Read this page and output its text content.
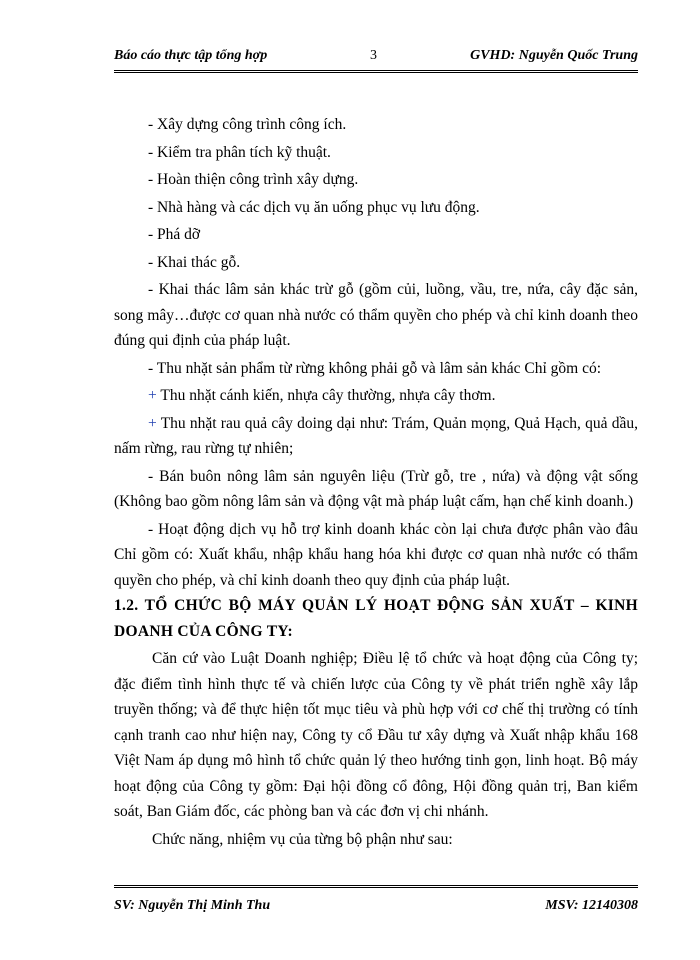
Báo cáo thực tập tổng hợp	3	GVHD: Nguyễn Quốc Trung

- Xây dựng công trình công ích.

- Kiểm tra phân tích kỹ thuật.

- Hoàn thiện công trình xây dựng.

- Nhà hàng và các dịch vụ ăn uống phục vụ lưu động.

- Phá dỡ

- Khai thác gỗ.

- Khai thác lâm sản khác trừ gỗ (gồm củi, luồng, vầu, tre, nứa, cây đặc sản, song mây…được cơ quan nhà nước có thẩm quyền cho phép và chỉ kinh doanh theo đúng qui định của pháp luật.

- Thu nhặt sản phẩm từ rừng không phải gỗ và lâm sản khác Chỉ gồm có:

+ Thu nhặt cánh kiến, nhựa cây thường, nhựa cây thơm.

+ Thu nhặt rau quả cây doing dại như: Trám, Quản mọng, Quả Hạch, quả dầu, nấm rừng, rau rừng tự nhiên;

- Bán buôn nông lâm sản nguyên liệu (Trừ gỗ, tre , nứa) và động vật sống (Không bao gồm nông lâm sản và động vật mà pháp luật cấm, hạn chế kinh doanh.)

- Hoạt động dịch vụ hỗ trợ kinh doanh khác còn lại chưa được phân vào đâu Chỉ gồm có: Xuất khẩu, nhập khẩu hang hóa khi được cơ quan nhà nước có thẩm quyền cho phép, và chỉ kinh doanh theo quy định của pháp luật.

1.2. TỔ CHỨC BỘ MÁY QUẢN LÝ HOẠT ĐỘNG SẢN XUẤT – KINH DOANH CỦA CÔNG TY:

Căn cứ vào Luật Doanh nghiệp; Điều lệ tổ chức và hoạt động của Công ty; đặc điểm tình hình thực tế và chiến lược của Công ty về phát triển nghề xây lắp truyền thống; và để thực hiện tốt mục tiêu và phù hợp với cơ chế thị trường có tính cạnh tranh cao như hiện nay, Công ty cổ Đầu tư xây dựng và Xuất nhập khẩu 168 Việt Nam áp dụng mô hình tổ chức quản lý theo hướng tinh gọn, linh hoạt. Bộ máy hoạt động của Công ty gồm: Đại hội đồng cổ đông, Hội đồng quản trị, Ban kiểm soát, Ban Giám đốc, các phòng ban và các đơn vị chi nhánh.

Chức năng, nhiệm vụ của từng bộ phận như sau:

SV: Nguyễn Thị Minh Thu	MSV: 12140308
